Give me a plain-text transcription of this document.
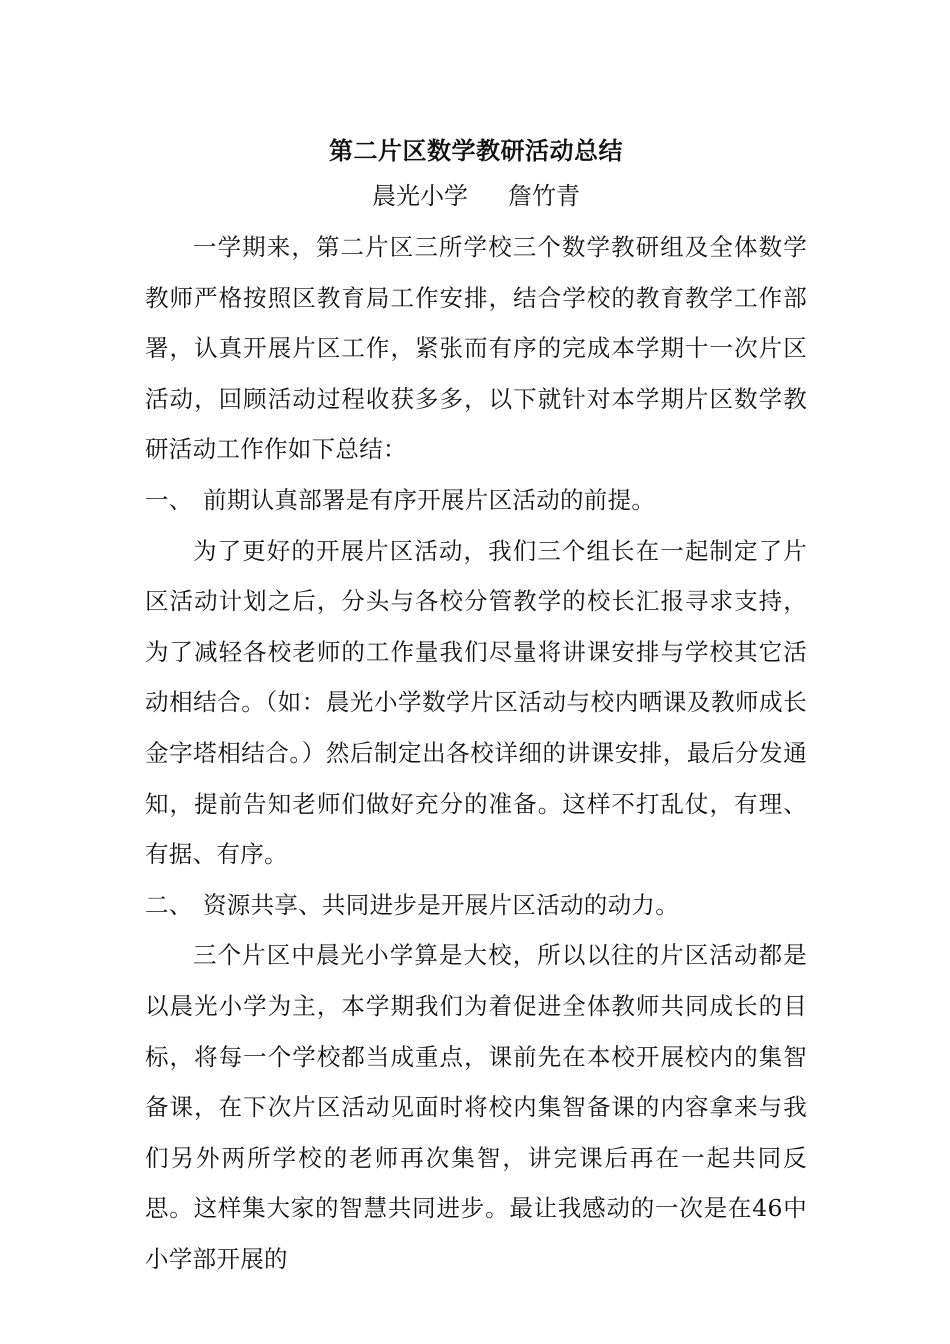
第二片区数学教研活动总结
晨光小学 詹竹青

一学期来，第二片区三所学校三个数学教研组及全体数学教师严格按照区教育局工作安排，结合学校的教育教学工作部署，认真开展片区工作，紧张而有序的完成本学期十一次片区活动，回顾活动过程收获多多，以下就针对本学期片区数学教研活动工作作如下总结：

一、 前期认真部署是有序开展片区活动的前提。

为了更好的开展片区活动，我们三个组长在一起制定了片区活动计划之后，分头与各校分管教学的校长汇报寻求支持，为了减轻各校老师的工作量我们尽量将讲课安排与学校其它活动相结合。（如：晨光小学数学片区活动与校内晒课及教师成长金字塔相结合。）然后制定出各校详细的讲课安排，最后分发通知，提前告知老师们做好充分的准备。这样不打乱仗，有理、有据、有序。

二、 资源共享、共同进步是开展片区活动的动力。

三个片区中晨光小学算是大校，所以以往的片区活动都是以晨光小学为主，本学期我们为着促进全体教师共同成长的目标，将每一个学校都当成重点，课前先在本校开展校内的集智备课，在下次片区活动见面时将校内集智备课的内容拿来与我们另外两所学校的老师再次集智，讲完课后再在一起共同反思。这样集大家的智慧共同进步。最让我感动的一次是在46中小学部开展的
